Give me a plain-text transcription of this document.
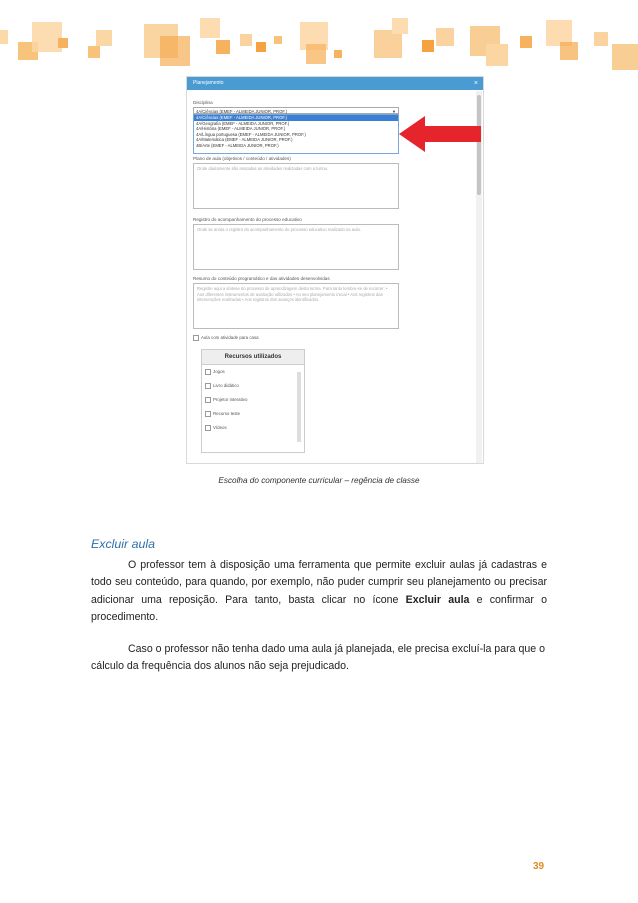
Planejamento	×
Disciplina
4A/Ciências (EMEF - ALMEIDA JUNIOR, PROF.)	▼
4A/Ciências (EMEF - ALMEIDA JUNIOR, PROF.)
4A/Geografia (EMEF - ALMEIDA JUNIOR, PROF.)
4A/História (EMEF - ALMEIDA JUNIOR, PROF.)
4A/Língua portuguesa (EMEF - ALMEIDA JUNIOR, PROF.)
4A/Matemática (EMEF - ALMEIDA JUNIOR, PROF.)
4B/Arte (EMEF - ALMEIDA JUNIOR, PROF.)
Plano de aula (objetivos / conteúdo / atividades)
Onde diariamente são anotadas as atividades realizadas com a turma.
Registro do acompanhamento do processo educativo
Onde se anota o registro do acompanhamento do processo educativo realizado na aula.
Resumo do conteúdo programático e das atividades desenvolvidas
Registre aqui a síntese do processo de aprendizagem desta turma. Para tanto lembre-se de recorrer: • Aos diferentes instrumentos de avaliação utilizados • Ao seu planejamento inicial • Aos registros das intervenções realizadas • Aos registros dos avanços identificados.
Aula com atividade para casa
Recursos utilizados
Jogos
Livro didático
Projetor interativo
Recurso teste
Vídeos
Escolha do componente curricular – regência de classe
Excluir aula

O professor tem à disposição uma ferramenta que permite excluir aulas já cadastras e todo seu conteúdo, para quando, por exemplo, não puder cumprir seu planejamento ou precisar adicionar uma reposição. Para tanto, basta clicar no ícone Excluir aula e confirmar o procedimento.

Caso o professor não tenha dado uma aula já planejada, ele precisa excluí-la para que o cálculo da frequência dos alunos não seja prejudicado.

39
